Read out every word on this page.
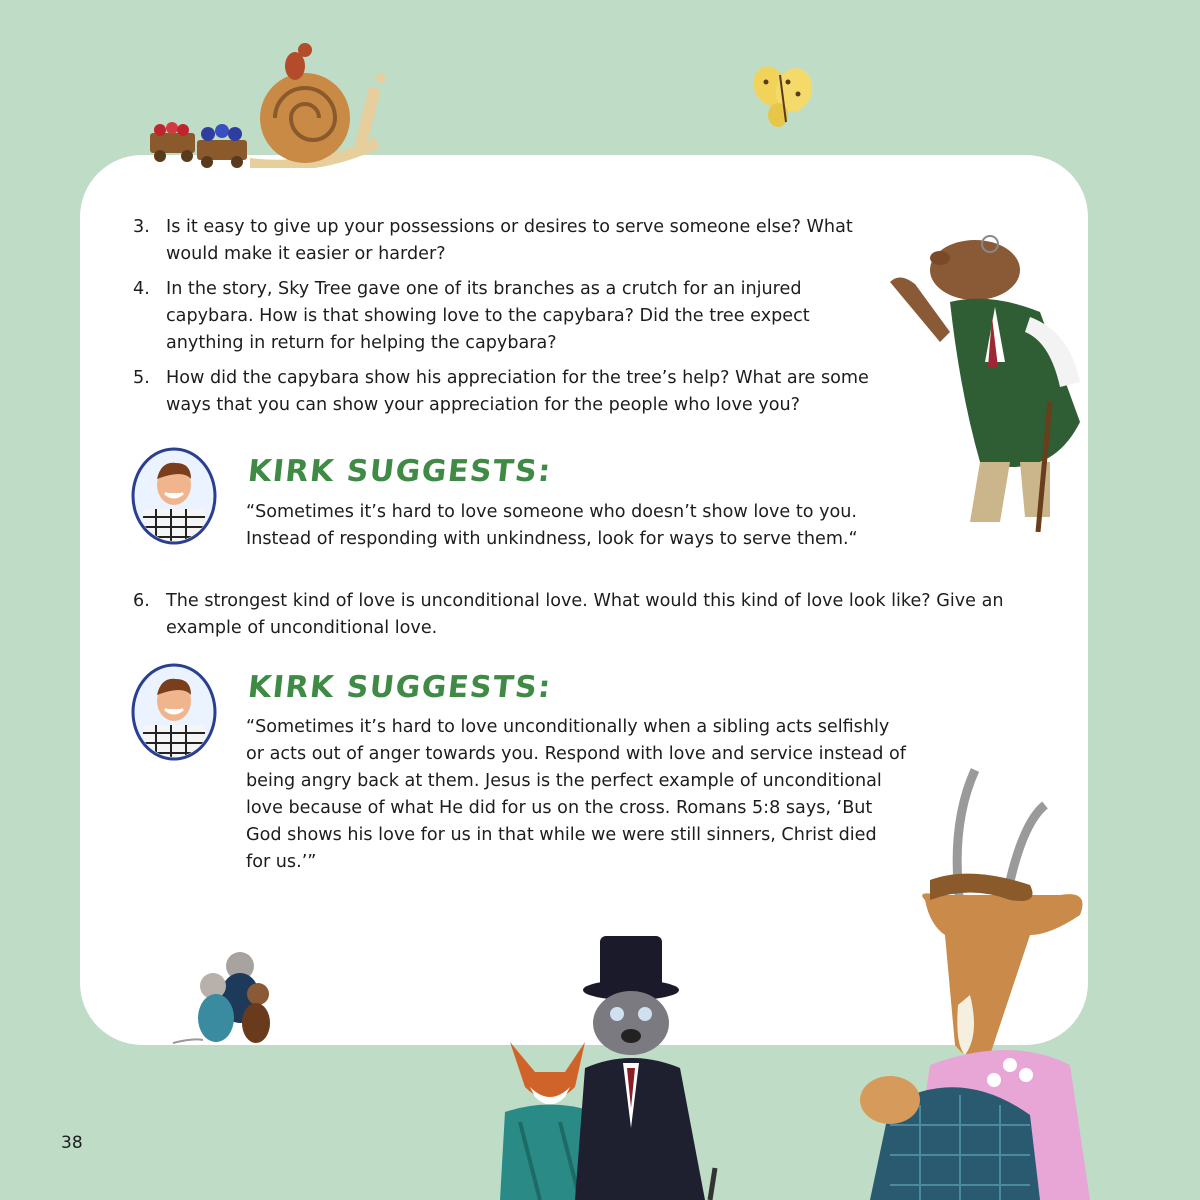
3. Is it easy to give up your possessions or desires to serve someone else? What would make it easier or harder?
4. In the story, Sky Tree gave one of its branches as a crutch for an injured capybara. How is that showing love to the capybara? Did the tree expect anything in return for helping the capybara?
5. How did the capybara show his appreciation for the tree’s help? What are some ways that you can show your appreciation for the people who love you?
KIRK SUGGESTS:
“Sometimes it’s hard to love someone who doesn’t show love to you. Instead of responding with unkindness, look for ways to serve them.“
6. The strongest kind of love is unconditional love. What would this kind of love look like? Give an example of unconditional love.
KIRK SUGGESTS:
“Sometimes it’s hard to love unconditionally when a sibling acts selfishly or acts out of anger towards you. Respond with love and service instead of being angry back at them. Jesus is the perfect example of unconditional love because of what He did for us on the cross. Romans 5:8 says, ‘But God shows his love for us in that while we were still sinners, Christ died for us.’”
38
